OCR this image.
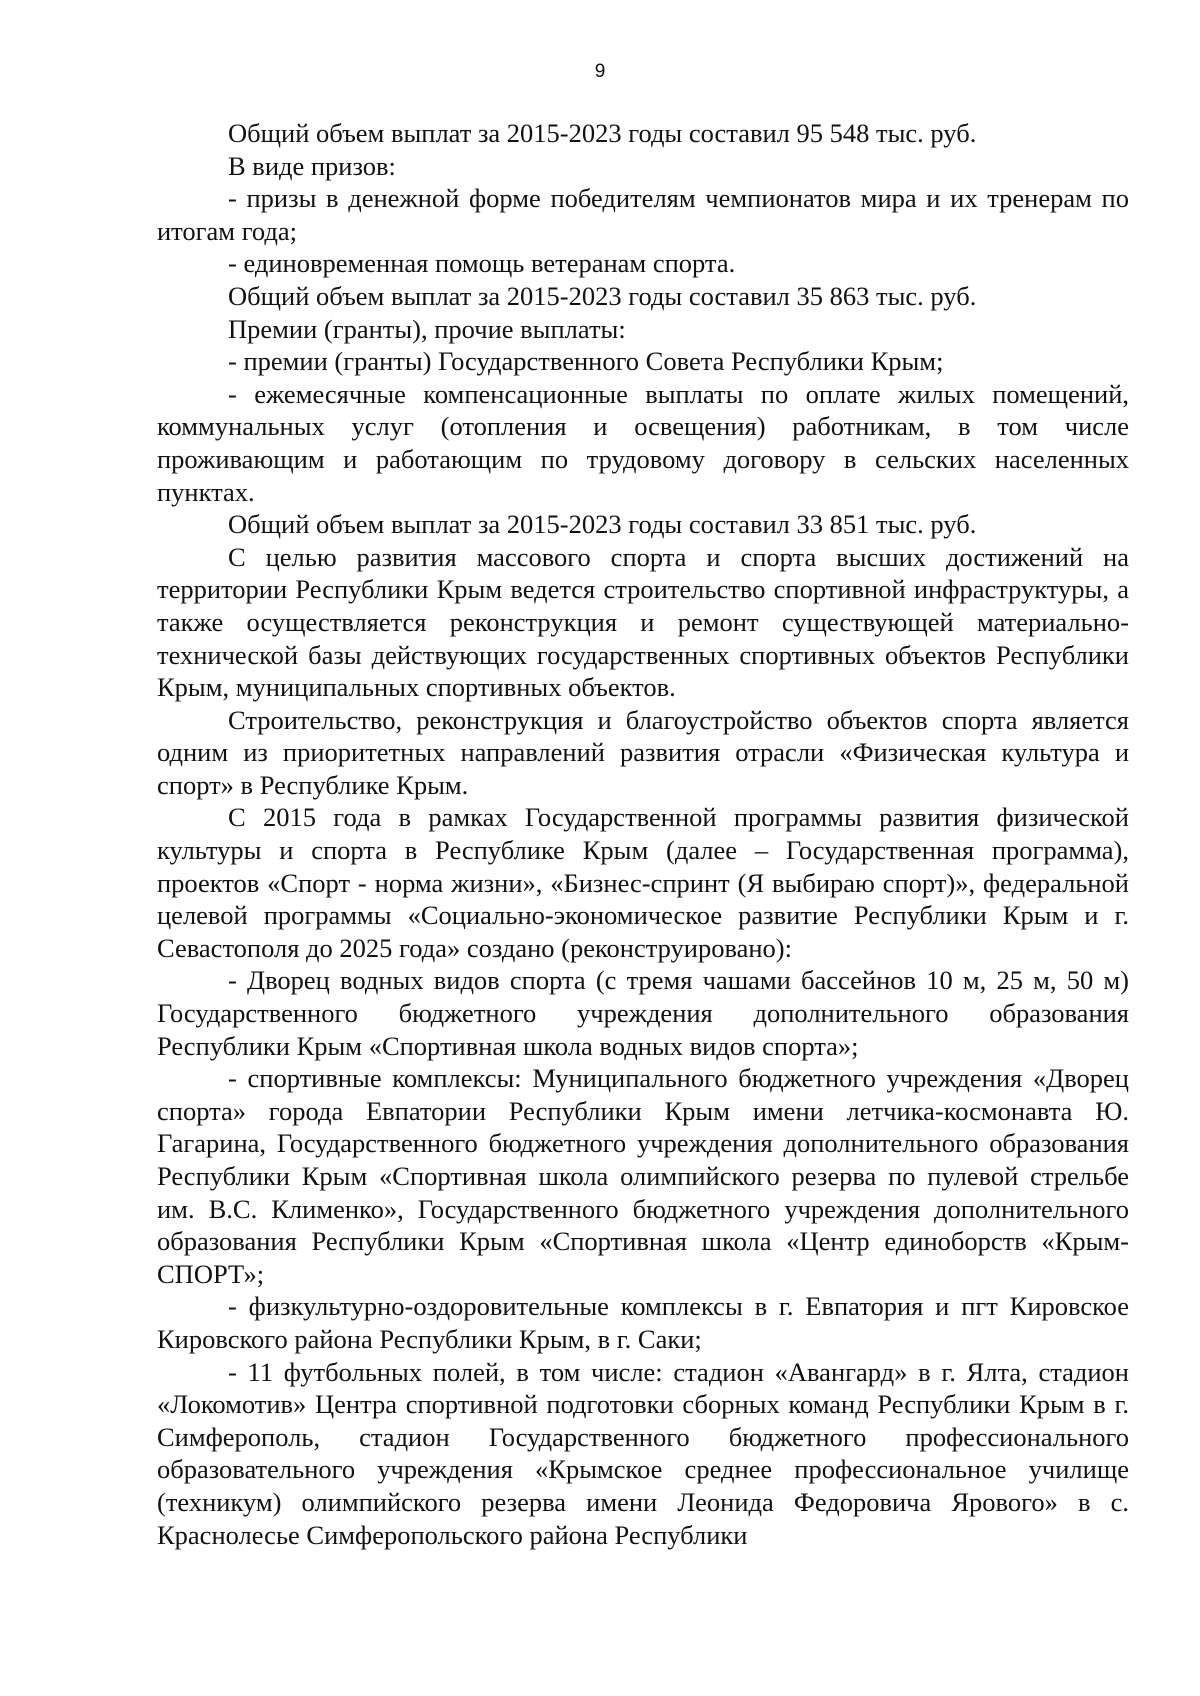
9

Общий объем выплат за 2015-2023 годы составил 95 548 тыс. руб.

В виде призов:

- призы в денежной форме победителям чемпионатов мира и их тренерам по итогам года;

- единовременная помощь ветеранам спорта.

Общий объем выплат за 2015-2023 годы составил 35 863 тыс. руб.

Премии (гранты), прочие выплаты:

- премии (гранты) Государственного Совета Республики Крым;

- ежемесячные компенсационные выплаты по оплате жилых помещений, коммунальных услуг (отопления и освещения) работникам, в том числе проживающим и работающим по трудовому договору в сельских населенных пунктах.

Общий объем выплат за 2015-2023 годы составил 33 851 тыс. руб.

С целью развития массового спорта и спорта высших достижений на территории Республики Крым ведется строительство спортивной инфраструктуры, а также осуществляется реконструкция и ремонт существующей материально-технической базы действующих государственных спортивных объектов Республики Крым, муниципальных спортивных объектов.

Строительство, реконструкция и благоустройство объектов спорта является одним из приоритетных направлений развития отрасли «Физическая культура и спорт» в Республике Крым.

С 2015 года в рамках Государственной программы развития физической культуры и спорта в Республике Крым (далее – Государственная программа), проектов «Спорт - норма жизни», «Бизнес-спринт (Я выбираю спорт)», федеральной целевой программы «Социально-экономическое развитие Республики Крым и г. Севастополя до 2025 года» создано (реконструировано):

- Дворец водных видов спорта (с тремя чашами бассейнов 10 м, 25 м, 50 м) Государственного бюджетного учреждения дополнительного образования Республики Крым «Спортивная школа водных видов спорта»;

- спортивные комплексы: Муниципального бюджетного учреждения «Дворец спорта» города Евпатории Республики Крым имени летчика-космонавта Ю. Гагарина, Государственного бюджетного учреждения дополнительного образования Республики Крым «Спортивная школа олимпийского резерва по пулевой стрельбе им. В.С. Клименко», Государственного бюджетного учреждения дополнительного образования Республики Крым «Спортивная школа «Центр единоборств «Крым-СПОРТ»;

- физкультурно-оздоровительные комплексы в г. Евпатория и пгт Кировское Кировского района Республики Крым, в г. Саки;

- 11 футбольных полей, в том числе: стадион «Авангард» в г. Ялта, стадион «Локомотив» Центра спортивной подготовки сборных команд Республики Крым в г. Симферополь, стадион Государственного бюджетного профессионального образовательного учреждения «Крымское среднее профессиональное училище (техникум) олимпийского резерва имени Леонида Федоровича Ярового» в с. Краснолесье Симферопольского района Республики
